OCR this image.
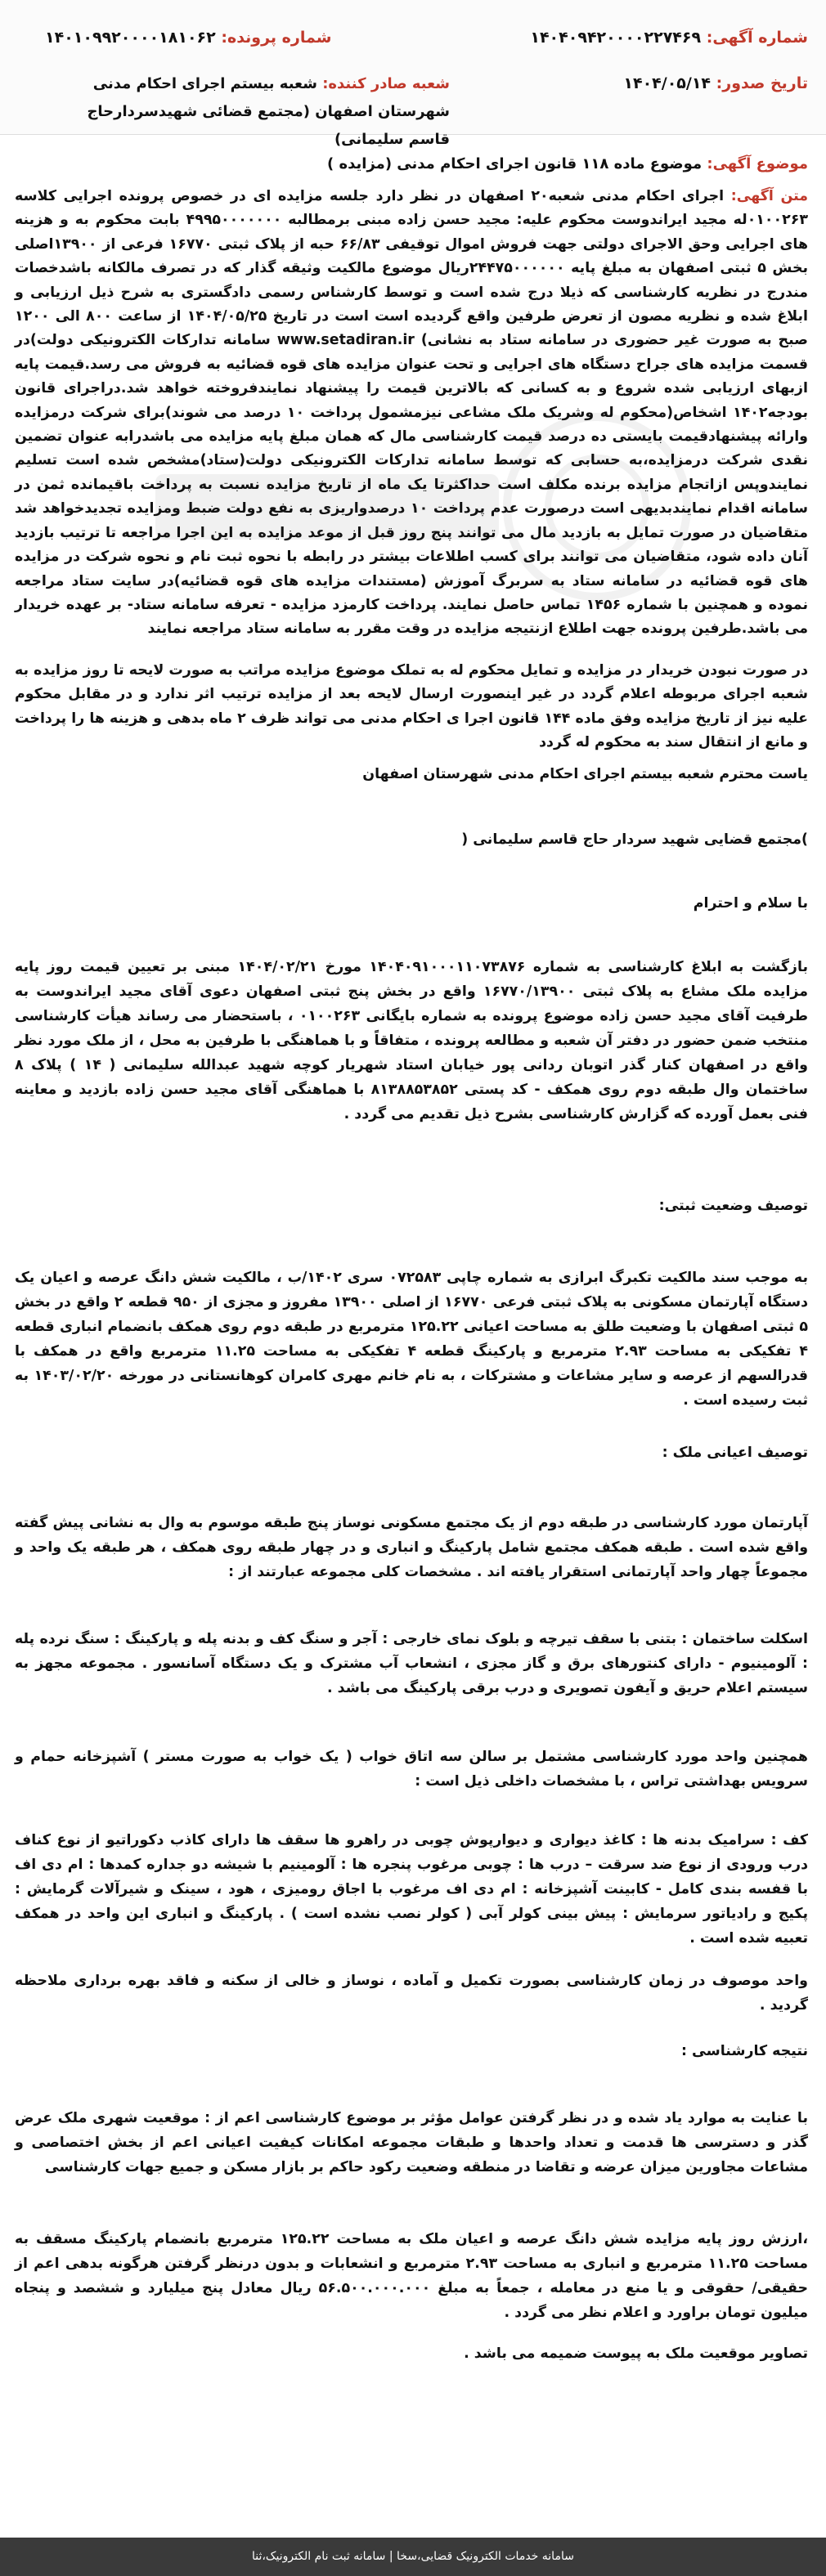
شماره آگهی: ۱۴۰۴۰۹۴۲۰۰۰۰۲۲۷۴۶۹
تاریخ صدور: ۱۴۰۴/۰۵/۱۴
شماره پرونده: ۱۴۰۱۰۹۹۲۰۰۰۰۱۸۱۰۶۲
شعبه صادر کننده: شعبه بیستم اجرای احکام مدنی شهرستان اصفهان (مجتمع قضائی شهیدسردارحاج قاسم سلیمانی)
موضوع آگهی: موضوع ماده ۱۱۸ قانون اجرای احکام مدنی (مزایده )
متن آگهی: اجرای احکام مدنی شعبه۲۰ اصفهان در نظر دارد جلسه مزایده ای در خصوص پرونده اجرایی کلاسه ۰۱۰۰۲۶۳له مجید ایراندوست محکوم علیه: مجید حسن زاده مبنی برمطالبه ۴۹۹۵۰۰۰۰۰۰۰ بابت محکوم به و هزینه های اجرایی وحق الاجرای دولتی جهت فروش اموال توقیفی ۶۶/۸۳ حبه از پلاک ثبتی ۱۶۷۷۰ فرعی از ۱۳۹۰۰اصلی بخش ۵ ثبتی اصفهان به مبلغ پایه ۲۴۴۷۵۰۰۰۰۰۰ریال موضوع مالکیت وثیقه گذار که در تصرف مالکانه باشدخصات مندرج در نظریه کارشناسی که ذیلا درج شده است و توسط کارشناس رسمی دادگستری به شرح ذیل ارزیابی و ابلاغ شده و نظریه مصون از تعرض طرفین واقع گردیده است است در تاریخ ۱۴۰۴/۰۵/۲۵ از ساعت ۸۰۰ الی ۱۲۰۰ صبح به صورت غیر حضوری در سامانه ستاد به نشانی) www.setadiran.ir سامانه تدارکات الکترونیکی دولت)در قسمت مزایده های جراح دستگاه های اجرایی و تحت عنوان مزایده های قوه قضائیه به فروش می رسد.قیمت پایه ازبهای ارزیابی شده شروع و به کسانی که بالاترین قیمت را پیشنهاد نمایندفروخته خواهد شد.دراجرای قانون بودجه۱۴۰۲ اشخاص(محکوم له وشریک ملک مشاعی نیزمشمول پرداخت ۱۰ درصد می شوند)برای شرکت درمزایده وارائه پیشنهادقیمت بایستی ده درصد قیمت کارشناسی مال که همان مبلغ پایه مزایده می باشدرابه عنوان تضمین نقدی شرکت درمزایده،به حسابی که توسط سامانه تدارکات الکترونیکی دولت(ستاد)مشخص شده است تسلیم نمایندوپس ازاتجام مزایده برنده مکلف است حداکثرتا یک ماه از تاریخ مزایده نسبت به پرداخت باقیمانده ثمن در سامانه اقدام نمایندبدیهی است درصورت عدم پرداخت ۱۰ درصدواریزی به نفع دولت ضبط ومزایده تجدیدخواهد شد متقاضیان در صورت تمایل به بازدید مال می توانند پنج روز قبل از موعد مزایده به این اجرا مراجعه تا ترتیب بازدید آنان داده شود، متقاضیان می توانند برای کسب اطلاعات بیشتر در رابطه با نحوه ثبت نام و نحوه شرکت در مزایده های قوه قضائیه در سامانه ستاد به سربرگ آموزش (مستندات مزایده های قوه قضائیه)در سایت ستاد مراجعه نموده و همچنین با شماره ۱۴۵۶ تماس حاصل نمایند. پرداخت کارمزد مزایده - تعرفه سامانه ستاد- بر عهده خریدار می باشد.طرفین پرونده جهت اطلاع ازنتیجه مزایده در وقت مقرر به سامانه ستاد مراجعه نمایند
در صورت نبودن خریدار در مزایده و تمایل محکوم له به تملک موضوع مزایده مراتب به صورت لایحه تا روز مزایده به شعبه اجرای مربوطه اعلام گردد در غیر اینصورت ارسال لایحه بعد از مزایده ترتیب اثر ندارد و در مقابل محکوم علیه نیز از تاریخ مزایده وفق ماده ۱۴۴ قانون اجرا ی احکام مدنی می تواند ظرف ۲ ماه بدهی و هزینه ها را پرداخت و مانع از انتقال سند به محکوم له گردد
یاست محترم شعبه بیستم اجرای احکام مدنی شهرستان اصفهان
)مجتمع قضایی شهید سردار حاج قاسم سلیمانی (
با سلام و احترام
بازگشت به ابلاغ کارشناسی به شماره ۱۴۰۴۰۹۱۰۰۰۱۱۰۷۳۸۷۶ مورخ ۱۴۰۴/۰۲/۲۱ مبنی بر تعیین قیمت روز پایه مزایده ملک مشاع به پلاک ثبتی ۱۶۷۷۰/۱۳۹۰۰ واقع در بخش پنج ثبتی اصفهان دعوی آقای مجید ایراندوست به طرفیت آقای مجید حسن زاده موضوع پرونده به شماره بایگانی ۰۱۰۰۲۶۳ ، باستحضار می رساند هیأت کارشناسی منتخب ضمن حضور در دفتر آن شعبه و مطالعه پرونده ، متفاقاً و با هماهنگی با طرفین به محل ، از ملک مورد نظر واقع در اصفهان کنار گذر اتوبان ردانی پور خیابان استاد شهریار کوچه شهید عبدالله سلیمانی ( ۱۴ ) پلاک ۸ ساختمان وال طبقه دوم روی همکف - کد پستی ۸۱۳۸۸۵۳۸۵۲ با هماهنگی آقای مجید حسن زاده بازدید و معاینه فنی بعمل آورده که گزارش کارشناسی بشرح ذیل تقدیم می گردد .
توصیف وضعیت ثبتی:
به موجب سند مالکیت تکبرگ ابرازی به شماره چاپی ۰۷۲۵۸۳ سری ۱۴۰۲/ب ، مالکیت شش دانگ عرصه و اعیان یک دستگاه آپارتمان مسکونی به پلاک ثبتی فرعی ۱۶۷۷۰ از اصلی ۱۳۹۰۰ مفروز و مجزی از ۹۵۰ قطعه ۲ واقع در بخش ۵ ثبتی اصفهان با وضعیت طلق به مساحت اعیانی ۱۲۵.۲۲ مترمربع در طبقه دوم روی همکف بانضمام انباری قطعه ۴ تفکیکی به مساحت ۲.۹۳ مترمربع و پارکینگ قطعه ۴ تفکیکی به مساحت ۱۱.۲۵ مترمربع واقع در همکف با قدرالسهم از عرصه و سایر مشاعات و مشترکات ، به نام خانم مهری کامران کوهانستانی در مورخه ۱۴۰۳/۰۲/۲۰ به ثبت رسیده است .
توصیف اعیانی ملک :
آپارتمان مورد کارشناسی در طبقه دوم از یک مجتمع مسکونی نوساز پنج طبقه موسوم به وال به نشانی پیش گفته واقع شده است . طبقه همکف مجتمع شامل پارکینگ و انباری و در چهار طبقه روی همکف ، هر طبقه یک واحد و مجموعاً چهار واحد آپارتمانی استقرار یافته اند . مشخصات کلی مجموعه عبارتند از :
اسکلت ساختمان : بتنی با سقف تیرچه و بلوک نمای خارجی : آجر و سنگ کف و بدنه پله و پارکینگ : سنگ نرده پله : آلومینیوم - دارای کنتورهای برق و گاز مجزی ، انشعاب آب مشترک و یک دستگاه آسانسور . مجموعه مجهز به سیستم اعلام حریق و آیفون تصویری و درب برقی پارکینگ می باشد .
همچنین واحد مورد کارشناسی مشتمل بر سالن سه اتاق خواب ( یک خواب به صورت مستر ) آشپزخانه حمام و سرویس بهداشتی تراس ، با مشخصات داخلی ذیل است :
کف : سرامیک بدنه ها : کاغذ دیواری و دیوارپوش چوبی در راهرو ها سقف ها دارای کاذب دکوراتیو از نوع کناف درب ورودی از نوع ضد سرقت – درب ها : چوبی مرغوب پنجره ها : آلومینیم با شیشه دو جداره کمدها : ام دی اف با قفسه بندی کامل - کابینت آشپزخانه : ام دی اف مرغوب با اجاق رومیزی ، هود ، سینک و شیرآلات گرمایش : پکیج و رادیاتور سرمایش : پیش بینی کولر آبی ( کولر نصب نشده است ) . پارکینگ و انباری این واحد در همکف تعبیه شده است .
واحد موصوف در زمان کارشناسی بصورت تکمیل و آماده ، نوساز و خالی از سکنه و فاقد بهره برداری ملاحظه گردید .
نتیجه کارشناسی :
با عنایت به موارد یاد شده و در نظر گرفتن عوامل مؤثر بر موضوع کارشناسی اعم از : موقعیت شهری ملک عرض گذر و دسترسی ها قدمت و تعداد واحدها و طبقات مجموعه امکانات کیفیت اعیانی اعم از بخش اختصاصی و مشاعات مجاورین میزان عرضه و تقاضا در منطقه وضعیت رکود حاکم بر بازار مسکن و جمیع جهات کارشناسی
،ارزش روز پایه مزایده شش دانگ عرصه و اعیان ملک به مساحت ۱۲۵.۲۲ مترمربع بانضمام پارکینگ مسقف به مساحت ۱۱.۲۵ مترمربع و انباری به مساحت ۲.۹۳ مترمربع و انشعابات و بدون درنظر گرفتن هرگونه بدهی اعم از حقیقی/ حقوقی و یا منع در معامله ، جمعاً به مبلغ ۵۶.۵۰۰.۰۰۰.۰۰۰ ریال معادل پنج میلیارد و ششصد و پنجاه میلیون تومان براورد و اعلام نظر می گردد .
تصاویر موقعیت ملک به پیوست ضمیمه می باشد .
سامانه خدمات الکترونیک قضایی،سخا | سامانه ثبت نام الکترونیک،ثنا
